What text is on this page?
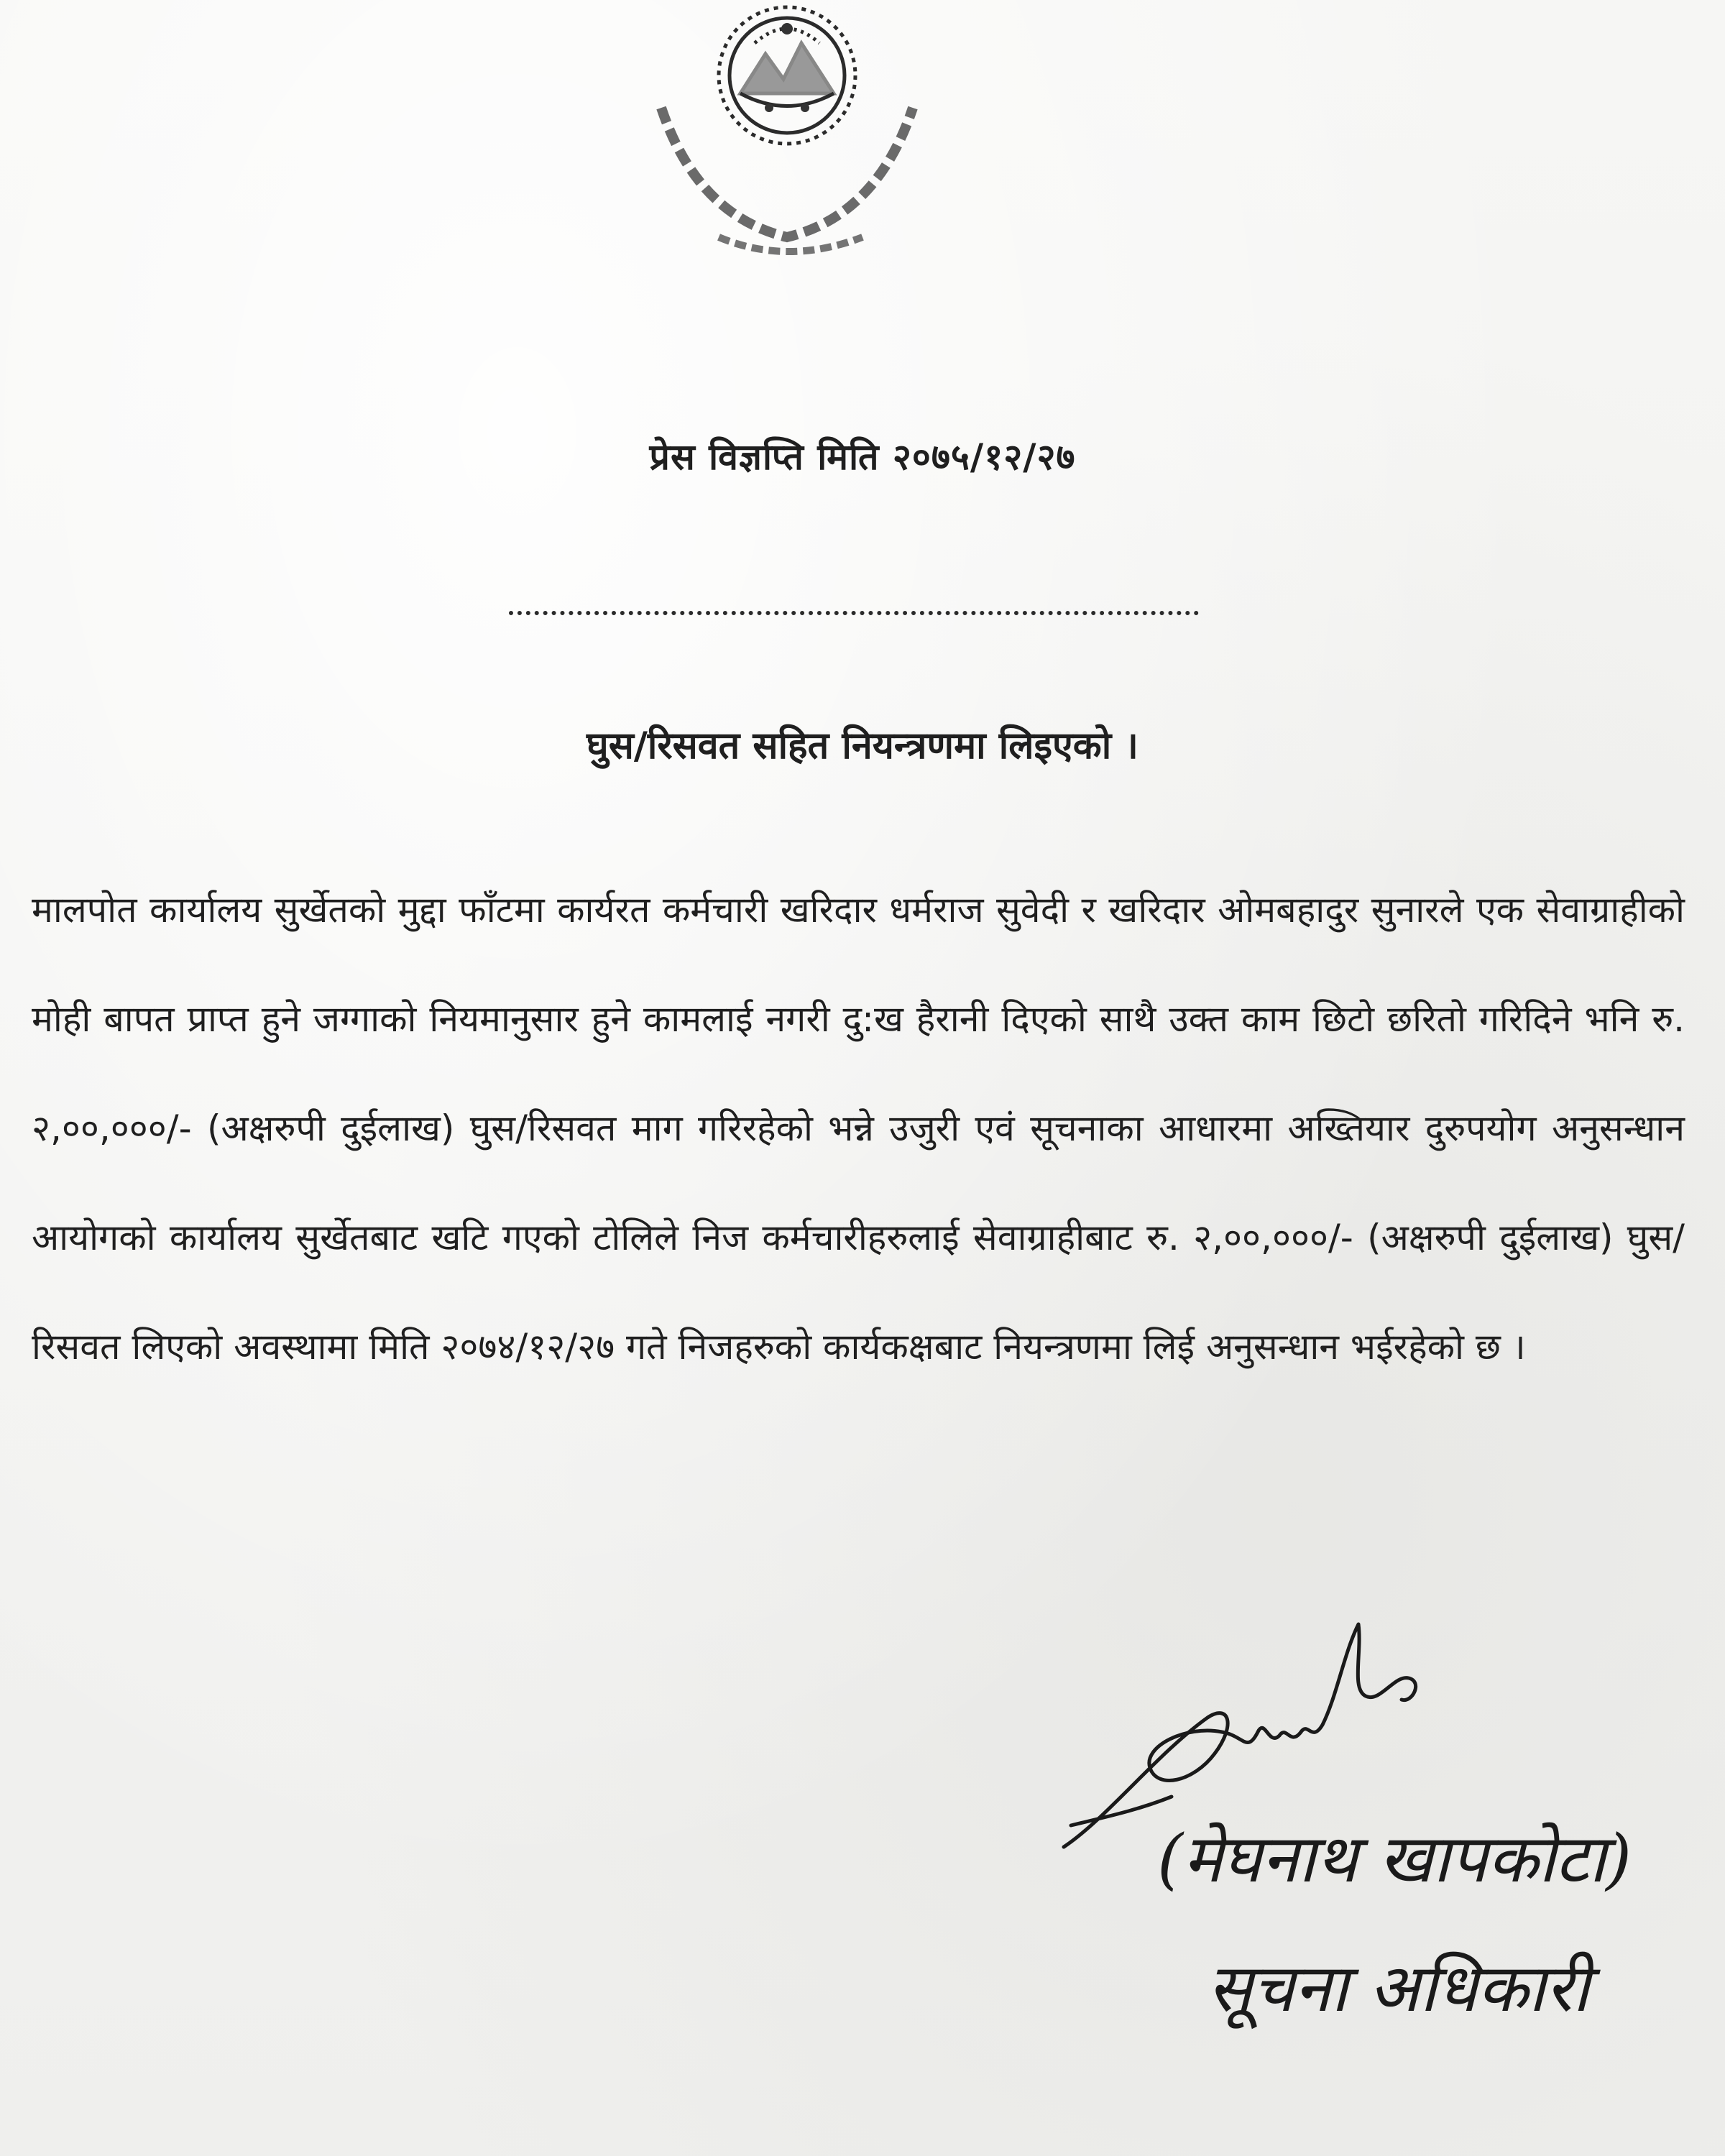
प्रेस विज्ञप्ति मिति २०७५/१२/२७
घुस/रिसवत सहित नियन्त्रणमा लिइएको ।
मालपोत कार्यालय सुर्खेतको मुद्दा फाँटमा कार्यरत कर्मचारी खरिदार धर्मराज सुवेदी र खरिदार ओमबहादुर सुनारले एक सेवाग्राहीको मोही बापत प्राप्त हुने जग्गाको नियमानुसार हुने कामलाई नगरी दु:ख हैरानी दिएको साथै उक्त काम छिटो छरितो गरिदिने भनि रु. २,००,०००/- (अक्षरुपी दुईलाख) घुस/रिसवत माग गरिरहेको भन्ने उजुरी एवं सूचनाका आधारमा अख्तियार दुरुपयोग अनुसन्धान आयोगको कार्यालय सुर्खेतबाट खटि गएको टोलिले निज कर्मचारीहरुलाई सेवाग्राहीबाट रु. २,००,०००/- (अक्षरुपी दुईलाख) घुस/रिसवत लिएको अवस्थामा मिति २०७४/१२/२७ गते निजहरुको कार्यकक्षबाट नियन्त्रणमा लिई अनुसन्धान भईरहेको छ ।
(मेघनाथ खापकोटा)
सूचना अधिकारी
